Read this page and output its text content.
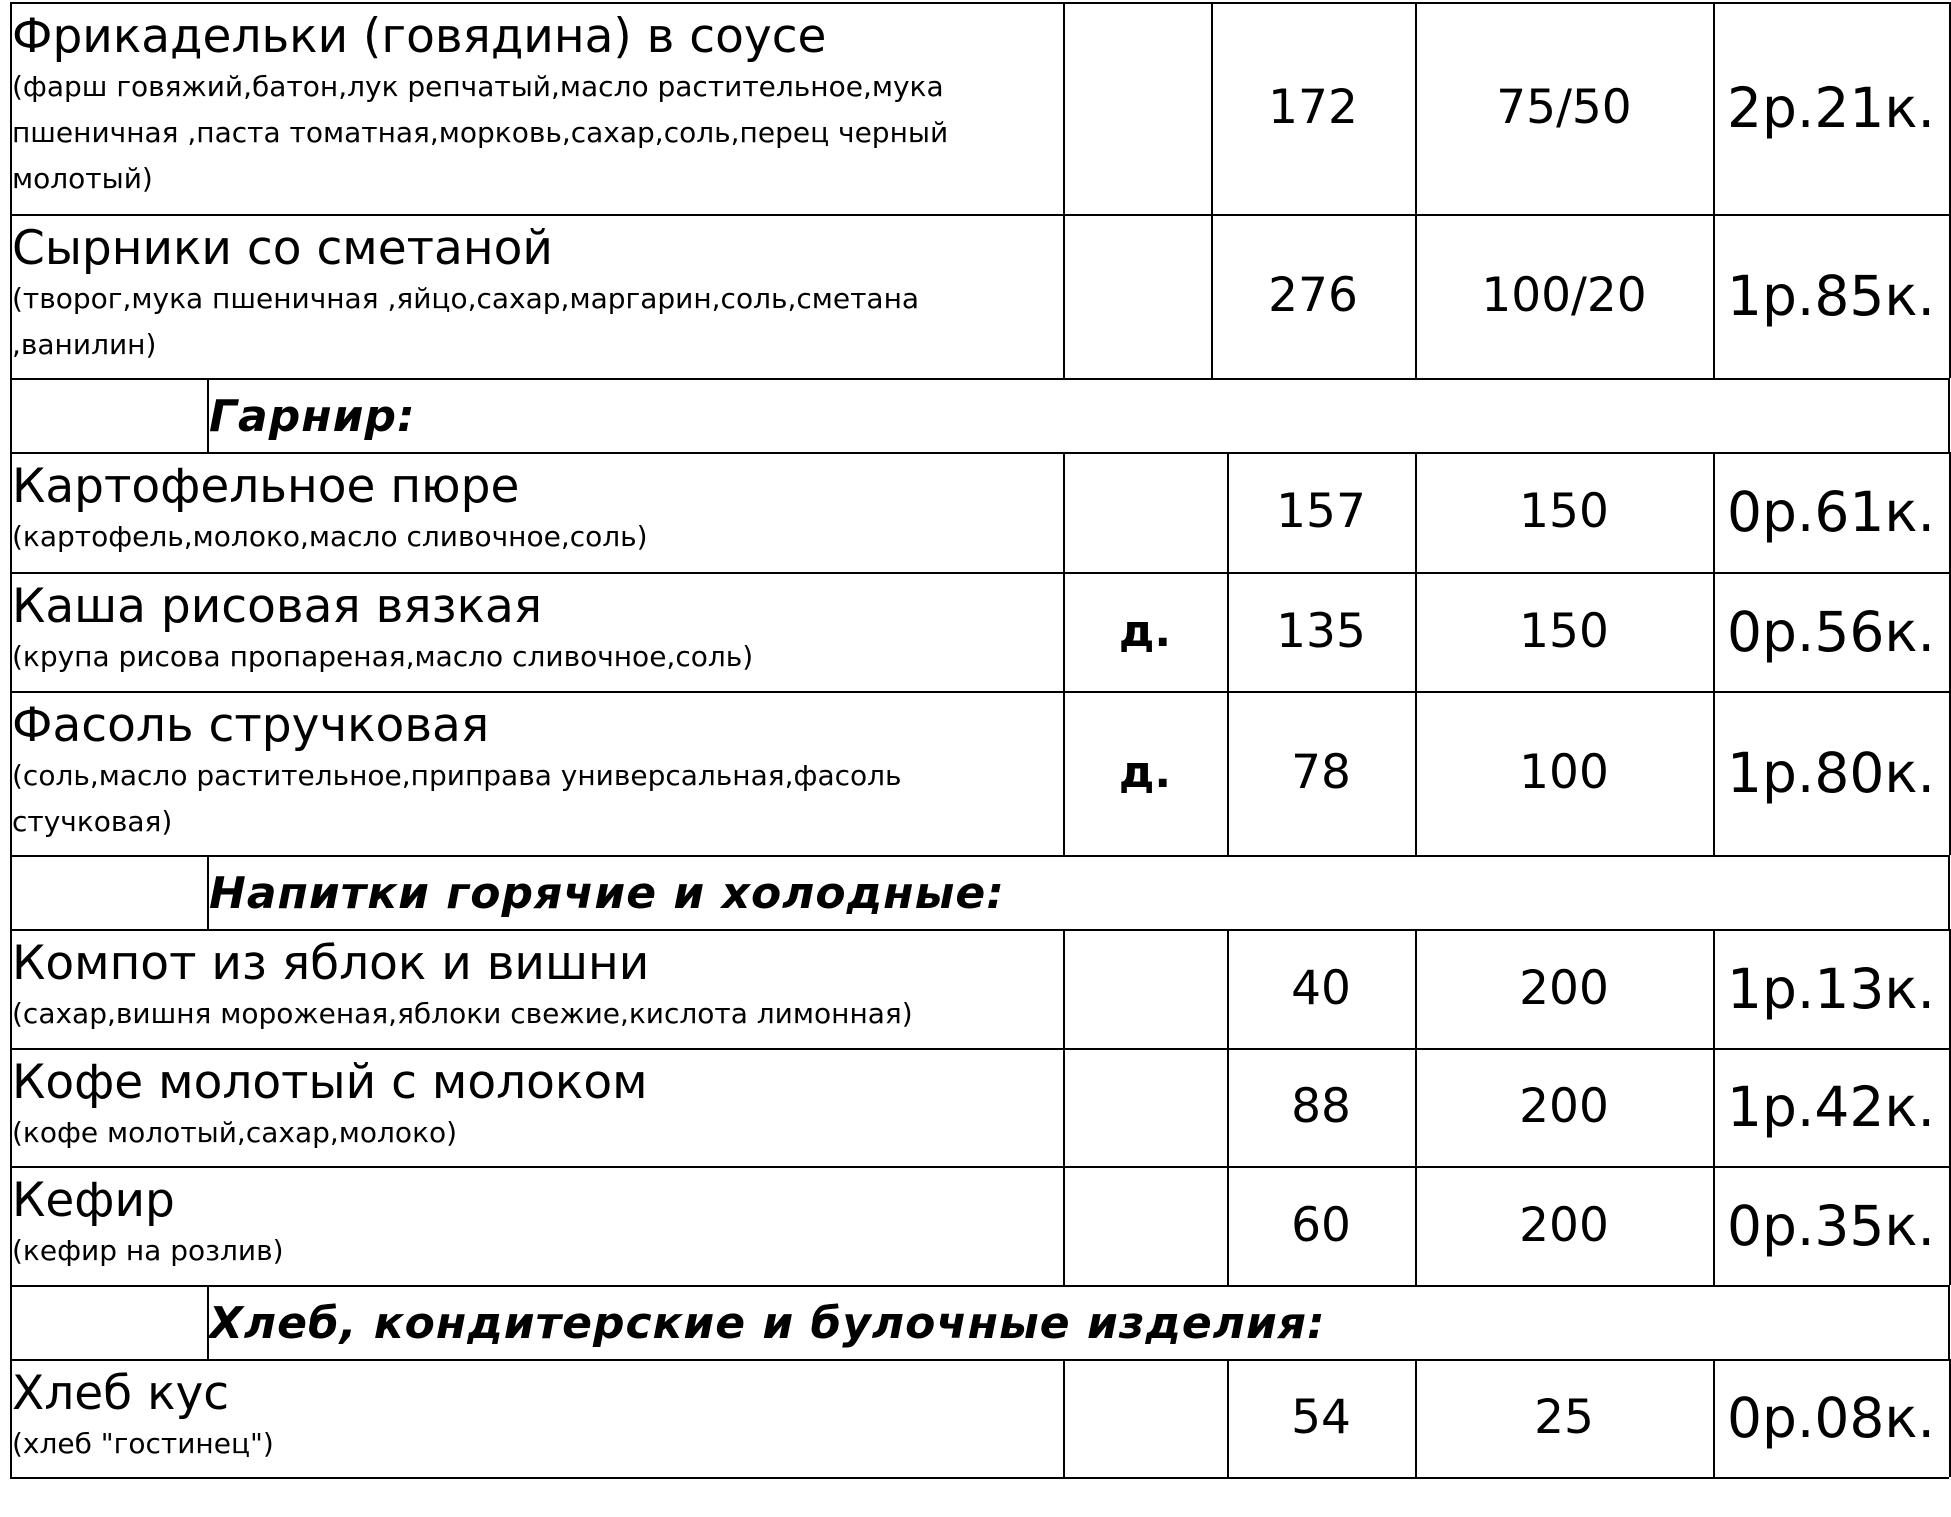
Фрикадельки (говядина) в соусе
(фарш говяжий,батон,лук репчатый,масло растительное,мука пшеничная ,паста томатная,морковь,сахар,соль,перец черный молотый)
172	75/50	2р.21к.
Сырники со сметаной
(творог,мука пшеничная ,яйцо,сахар,маргарин,соль,сметана ,ванилин)
276	100/20	1р.85к.
Гарнир:
Картофельное пюре
(картофель,молоко,масло сливочное,соль)	157	150	0р.61к.
Каша рисовая вязкая
(крупа рисова пропареная,масло сливочное,соль)	д.	135	150	0р.56к.
Фасоль стручковая
(соль,масло растительное,приправа универсальная,фасоль стучковая)
д.	78	100	1р.80к.
Напитки горячие и холодные:
Компот из яблок и вишни
(сахар,вишня мороженая,яблоки свежие,кислота лимонная)	40	200	1р.13к.
Кофе молотый с молоком
(кофе молотый,сахар,молоко)	88	200	1р.42к.
Кефир
(кефир на розлив)	60	200	0р.35к.
Хлеб, кондитерские и булочные изделия:
Хлеб кус
(хлеб "гостинец")	54	25	0р.08к.
